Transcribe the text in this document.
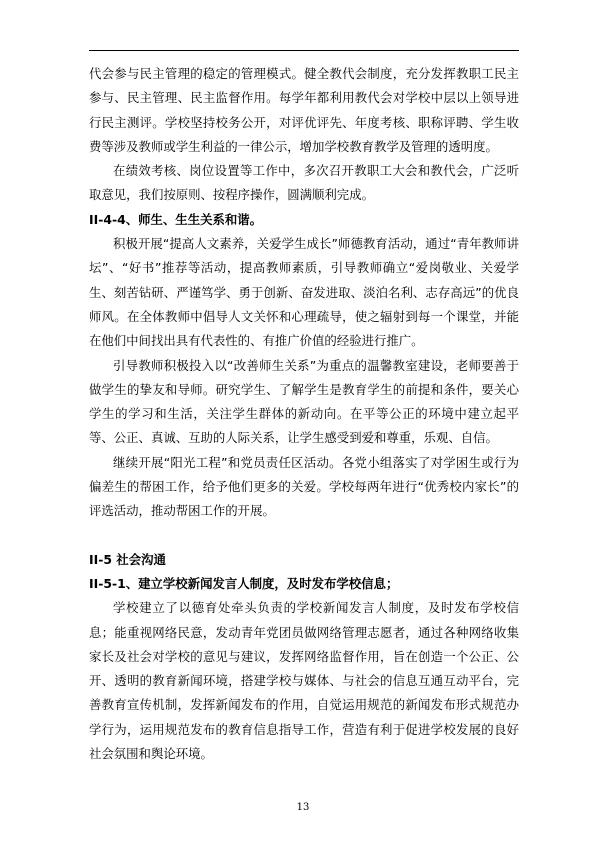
代会参与民主管理的稳定的管理模式。健全教代会制度，充分发挥教职工民主参与、民主管理、民主监督作用。每学年都利用教代会对学校中层以上领导进行民主测评。学校坚持校务公开，对评优评先、年度考核、职称评聘、学生收费等涉及教师或学生利益的一律公示，增加学校教育教学及管理的透明度。

在绩效考核、岗位设置等工作中，多次召开教职工大会和教代会，广泛听取意见，我们按原则、按程序操作，圆满顺利完成。

II-4-4、师生、生生关系和谐。

积极开展“提高人文素养，关爱学生成长”师德教育活动，通过“青年教师讲坛”、“好书”推荐等活动，提高教师素质，引导教师确立“爱岗敬业、关爱学生、刻苦钻研、严谨笃学、勇于创新、奋发进取、淡泊名利、志存高远”的优良师风。在全体教师中倡导人文关怀和心理疏导，使之辐射到每一个课堂，并能在他们中间找出具有代表性的、有推广价值的经验进行推广。

引导教师积极投入以“改善师生关系”为重点的温馨教室建设，老师要善于做学生的挚友和导师。研究学生、了解学生是教育学生的前提和条件，要关心学生的学习和生活，关注学生群体的新动向。在平等公正的环境中建立起平等、公正、真诚、互助的人际关系，让学生感受到爱和尊重，乐观、自信。

继续开展“阳光工程”和党员责任区活动。各党小组落实了对学困生或行为偏差生的帮困工作，给予他们更多的关爱。学校每两年进行“优秀校内家长”的评选活动，推动帮困工作的开展。

II-5 社会沟通

II-5-1、建立学校新闻发言人制度，及时发布学校信息；

学校建立了以德育处牵头负责的学校新闻发言人制度，及时发布学校信息；能重视网络民意，发动青年党团员做网络管理志愿者，通过各种网络收集家长及社会对学校的意见与建议，发挥网络监督作用，旨在创造一个公正、公开、透明的教育新闻环境，搭建学校与媒体、与社会的信息互通互动平台，完善教育宣传机制，发挥新闻发布的作用，自觉运用规范的新闻发布形式规范办学行为，运用规范发布的教育信息指导工作，营造有利于促进学校发展的良好社会氛围和舆论环境。

13
